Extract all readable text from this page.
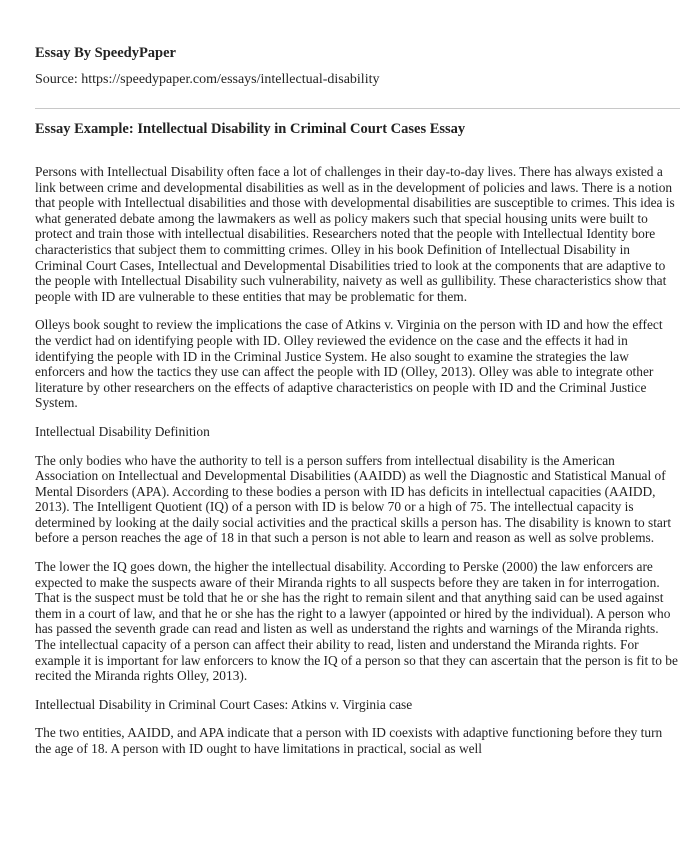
Essay By SpeedyPaper
Source: https://speedypaper.com/essays/intellectual-disability
Essay Example: Intellectual Disability in Criminal Court Cases Essay

Persons with Intellectual Disability often face a lot of challenges in their day-to-day lives. There has always existed a link between crime and developmental disabilities as well as in the development of policies and laws. There is a notion that people with Intellectual disabilities and those with developmental disabilities are susceptible to crimes. This idea is what generated debate among the lawmakers as well as policy makers such that special housing units were built to protect and train those with intellectual disabilities. Researchers noted that the people with Intellectual Identity bore characteristics that subject them to committing crimes. Olley in his book Definition of Intellectual Disability in Criminal Court Cases, Intellectual and Developmental Disabilities tried to look at the components that are adaptive to the people with Intellectual Disability such vulnerability, naivety as well as gullibility. These characteristics show that people with ID are vulnerable to these entities that may be problematic for them.

Olleys book sought to review the implications the case of Atkins v. Virginia on the person with ID and how the effect the verdict had on identifying people with ID. Olley reviewed the evidence on the case and the effects it had in identifying the people with ID in the Criminal Justice System. He also sought to examine the strategies the law enforcers and how the tactics they use can affect the people with ID (Olley, 2013). Olley was able to integrate other literature by other researchers on the effects of adaptive characteristics on people with ID and the Criminal Justice System.

Intellectual Disability Definition

The only bodies who have the authority to tell is a person suffers from intellectual disability is the American Association on Intellectual and Developmental Disabilities (AAIDD) as well the Diagnostic and Statistical Manual of Mental Disorders (APA). According to these bodies a person with ID has deficits in intellectual capacities (AAIDD, 2013). The Intelligent Quotient (IQ) of a person with ID is below 70 or a high of 75. The intellectual capacity is determined by looking at the daily social activities and the practical skills a person has. The disability is known to start before a person reaches the age of 18 in that such a person is not able to learn and reason as well as solve problems.

The lower the IQ goes down, the higher the intellectual disability. According to Perske (2000) the law enforcers are expected to make the suspects aware of their Miranda rights to all suspects before they are taken in for interrogation. That is the suspect must be told that he or she has the right to remain silent and that anything said can be used against them in a court of law, and that he or she has the right to a lawyer (appointed or hired by the individual). A person who has passed the seventh grade can read and listen as well as understand the rights and warnings of the Miranda rights. The intellectual capacity of a person can affect their ability to read, listen and understand the Miranda rights. For example it is important for law enforcers to know the IQ of a person so that they can ascertain that the person is fit to be recited the Miranda rights Olley, 2013).

Intellectual Disability in Criminal Court Cases: Atkins v. Virginia case

The two entities, AAIDD, and APA indicate that a person with ID coexists with adaptive functioning before they turn the age of 18. A person with ID ought to have limitations in practical, social as well
